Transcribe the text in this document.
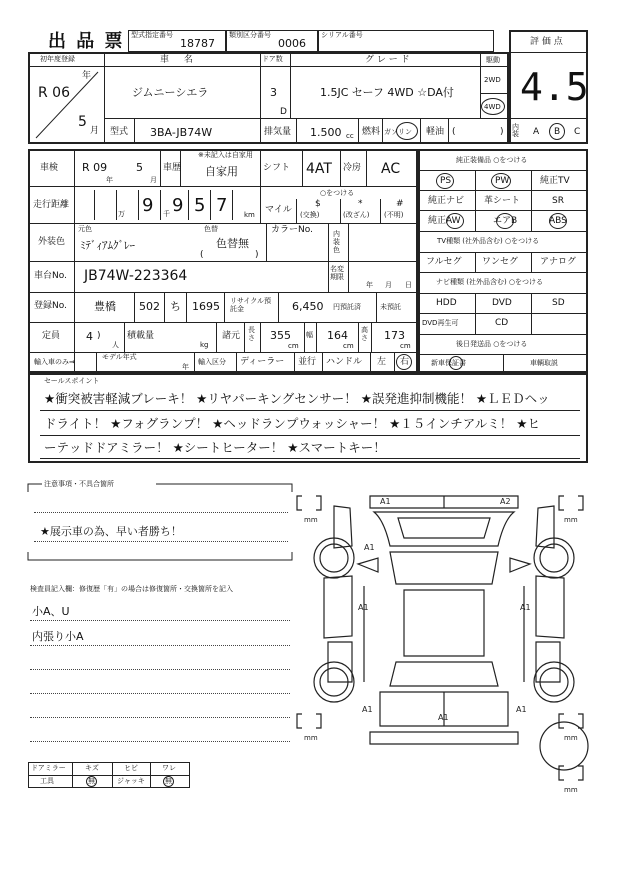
出 品 票 型式指定番号
18787
類別区分番号
0006
シリアル番号
評 価 点
4.5
初年度登録
年
R 06
5
月
車 名
ジムニーシエラ
ドア数
3
D
グ レ ー ド
1.5JC セーフ 4WD ☆DA付
駆動
2WD
4WD
型式 3BA-JB74W	排気量 1.500 cc 燃料 ガソリン 軽油 (	) 内装	A B C
車検 R 09
年
5
月
車歴
※未記入は自家用
自家用	シフト 4AT 冷房 AC
走行距離
万 9 千 9 5 7 km マイル
○をつける
$
(交換)
*
(改ざん)
#
(不明)
外装色
元色
ﾐﾃﾞｨｱﾑｸﾞﾚｰ
色替
色替無
(	)
カラーNo.	内装色
車台No. JB74W-223364	名変期限
年 月 日
登録No. 豊橋 502 ち 1695 リサイクル預託金	6,450 円預託済	未預託
定員 4 )
人
積載量
kg
諸元
長さ 355
cm
幅 164
cm
高さ 173
cm
輸入車のみ⇒
モデル年式
年
輸入区分 ディーラー 並行 ハンドル 左 右
純正装備品 ○をつける
PS	PW	純正TV
純正ナビ 革シート	SR
純正AW	エアB	ABS
TV種類 (社外品含む) ○をつける
フルセグ ワンセグ アナログ
ナビ種類 (社外品含む) ○をつける
HDD	DVD	SD
DVD再生可	CD
後日発送品 ○をつける
新車保証書	車輌取説
セールスポイント
★衝突被害軽減ブレーキ！ ★リヤパーキングセンサー！ ★誤発進抑制機能！ ★ＬＥＤヘッ
ドライト！ ★フォグランプ！ ★ヘッドランプウォッシャー！ ★１５インチアルミ！ ★ヒ
ーテッドドアミラー！ ★シートヒーター！ ★スマートキー！
注意事項・不具合箇所
★展示車の為、早い者勝ち！
検査員記入欄：修復歴「有」の場合は修復箇所・交換箇所を記入
小A、U
内張り小A
ドアミラー	キズ	ヒビ	ワレ
工具	無	ジャッキ	無
mm	mm
mm	mm
mm
A1	A2
A1
A1	A1
A1
A1
A1
